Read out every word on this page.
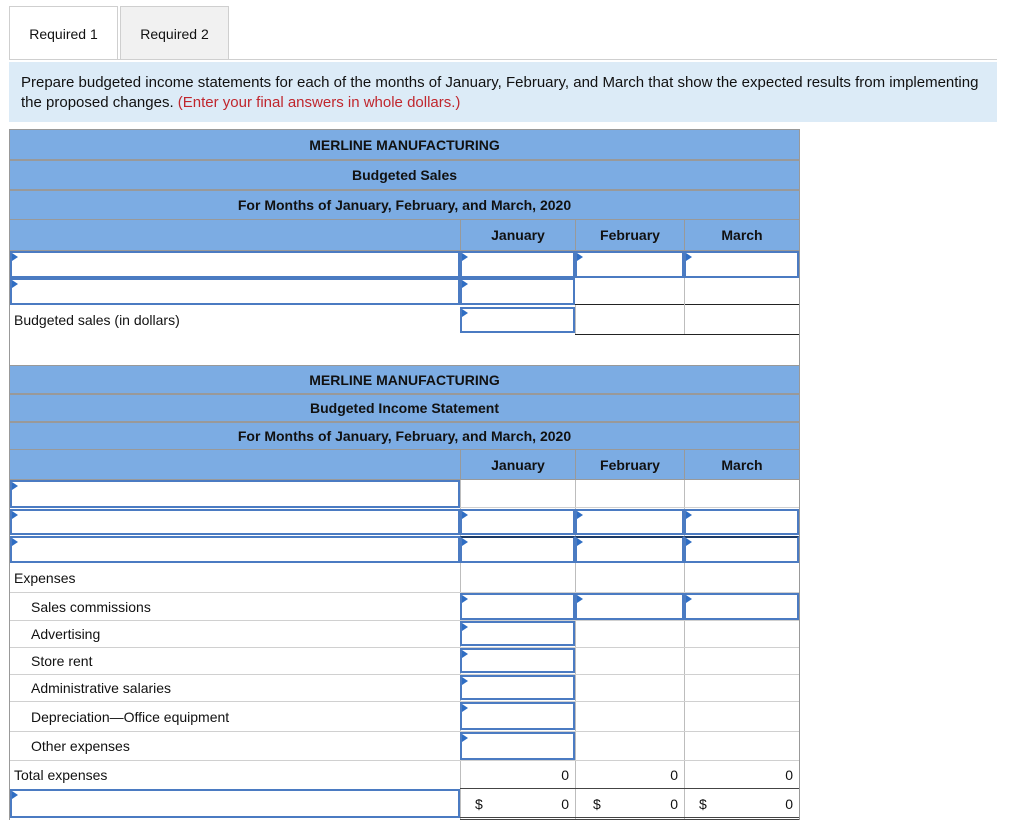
Required 1	Required 2
Prepare budgeted income statements for each of the months of January, February, and March that show the expected results from implementing the proposed changes. (Enter your final answers in whole dollars.)
MERLINE MANUFACTURING
Budgeted Sales
For Months of January, February, and March, 2020
January	February	March
Budgeted sales (in dollars)
MERLINE MANUFACTURING
Budgeted Income Statement
For Months of January, February, and March, 2020
January	February	March
Expenses
Sales commissions
Advertising
Store rent
Administrative salaries
Depreciation—Office equipment
Other expenses
Total expenses	0	0	0
$	0 $	0 $	0
